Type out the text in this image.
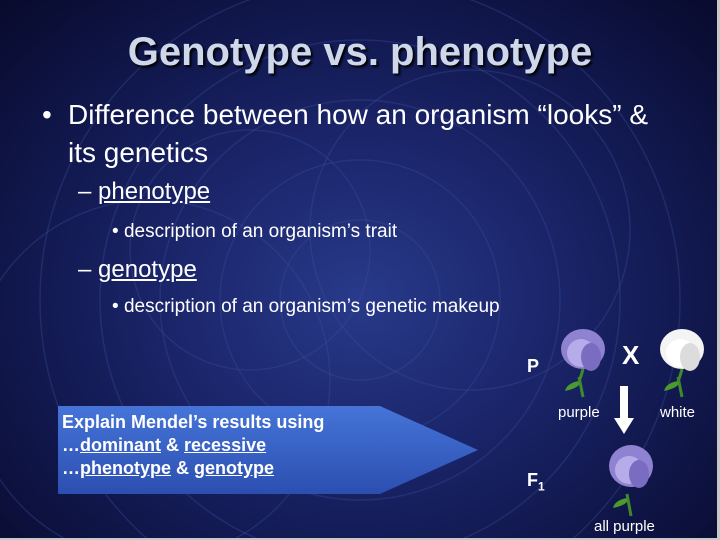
Genotype vs. phenotype
• Difference between how an organism “looks” & its genetics
– phenotype
• description of an organism’s trait
– genotype
• description of an organism’s genetic makeup
Explain Mendel’s results using
…dominant & recessive
…phenotype & genotype
P	X
purple	white
$F_1$
all purple
